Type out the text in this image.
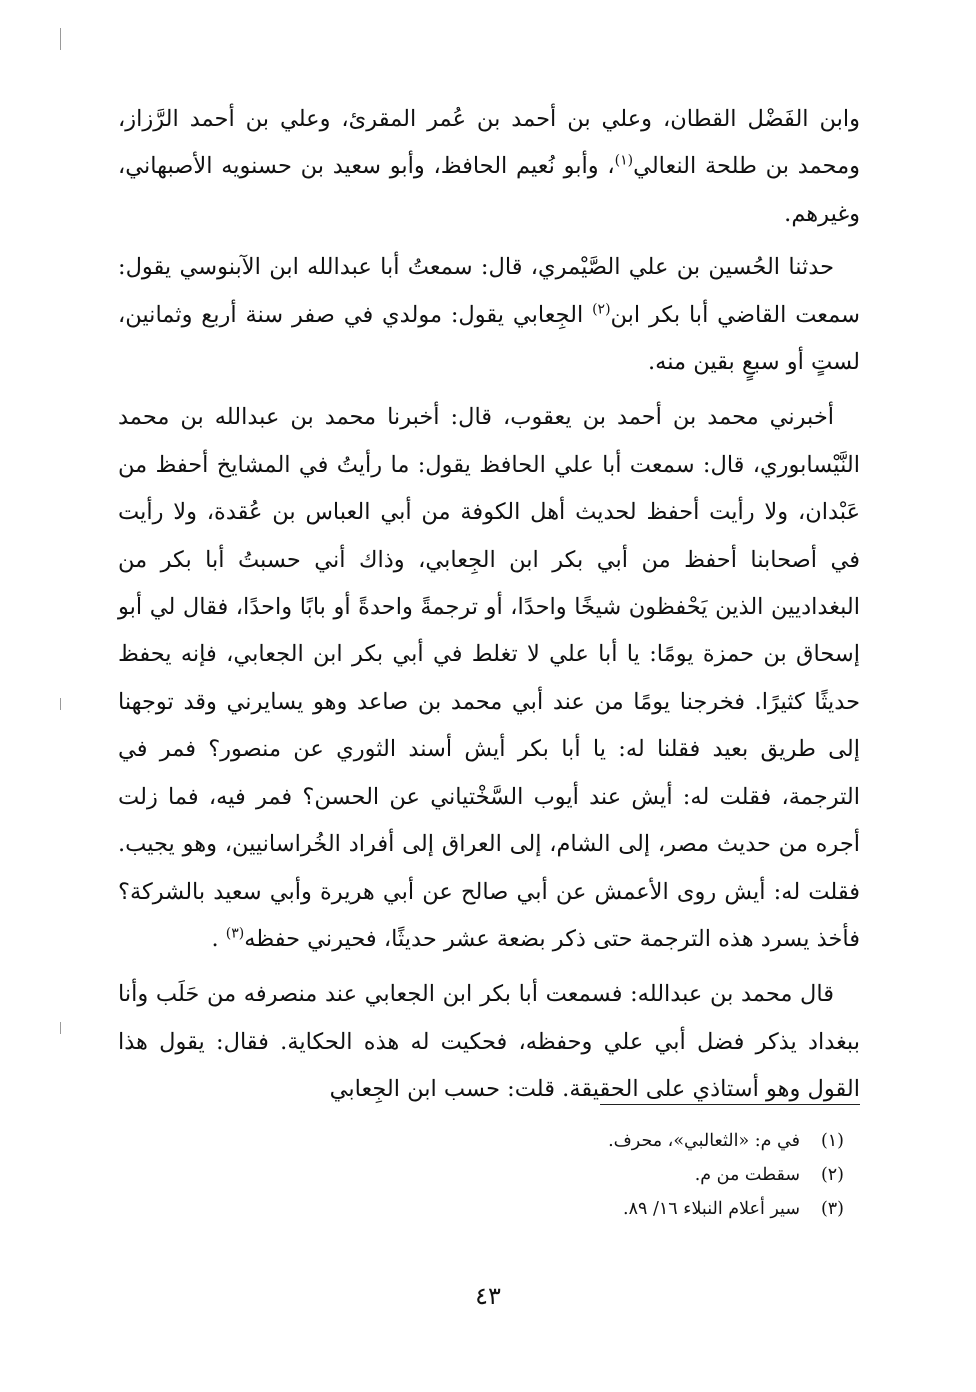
وابن الفَضْل القطان، وعلي بن أحمد بن عُمر المقرئ، وعلي بن أحمد الرَّزاز، ومحمد بن طلحة النعالي$^{(١)}$، وأبو نُعيم الحافظ، وأبو سعيد بن حسنويه الأصبهاني، وغيرهم.

حدثنا الحُسين بن علي الصَّيْمري، قال: سمعتُ أبا عبدالله ابن الآبنوسي يقول: سمعت القاضي أبا بكر ابن$^{(٢)}$ الجِعابي يقول: مولدي في صفر سنة أربع وثمانين، لستٍ أو سبعٍ بقين منه.

أخبرني محمد بن أحمد بن يعقوب، قال: أخبرنا محمد بن عبدالله بن محمد النَّيْسابوري، قال: سمعت أبا علي الحافظ يقول: ما رأيتُ في المشايخ أحفظ من عَبْدان، ولا رأيت أحفظ لحديث أهل الكوفة من أبي العباس بن عُقدة، ولا رأيت في أصحابنا أحفظ من أبي بكر ابن الجِعابي، وذاك أني حسبتُ أبا بكر من البغداديين الذين يَحْفظون شيخًا واحدًا، أو ترجمةً واحدةً أو بابًا واحدًا، فقال لي أبو إسحاق بن حمزة يومًا: يا أبا علي لا تغلط في أبي بكر ابن الجعابي، فإنه يحفظ حديثًا كثيرًا. فخرجنا يومًا من عند أبي محمد بن صاعد وهو يسايرني وقد توجهنا إلى طريق بعيد فقلنا له: يا أبا بكر أيش أسند الثوري عن منصور؟ فمر في الترجمة، فقلت له: أيش عند أيوب السَّخْتياني عن الحسن؟ فمر فيه، فما زلت أجره من حديث مصر، إلى الشام، إلى العراق إلى أفراد الخُراسانيين، وهو يجيب. فقلت له: أيش روى الأعمش عن أبي صالح عن أبي هريرة وأبي سعيد بالشركة؟ فأخذ يسرد هذه الترجمة حتى ذكر بضعة عشر حديثًا، فحيرني حفظه$^{(٣)}$ .

قال محمد بن عبدالله: فسمعت أبا بكر ابن الجعابي عند منصرفه من حَلَب وأنا ببغداد يذكر فضل أبي علي وحفظه، فحكيت له هذه الحكاية. فقال: يقول هذا القول وهو أستاذي على الحقيقة. قلت: حسب ابن الجِعابي

(١)في م: «الثعالبي»، محرف.
(٢)سقطت من م.
(٣)سير أعلام النبلاء ١٦/ ٨٩.
٤٣
